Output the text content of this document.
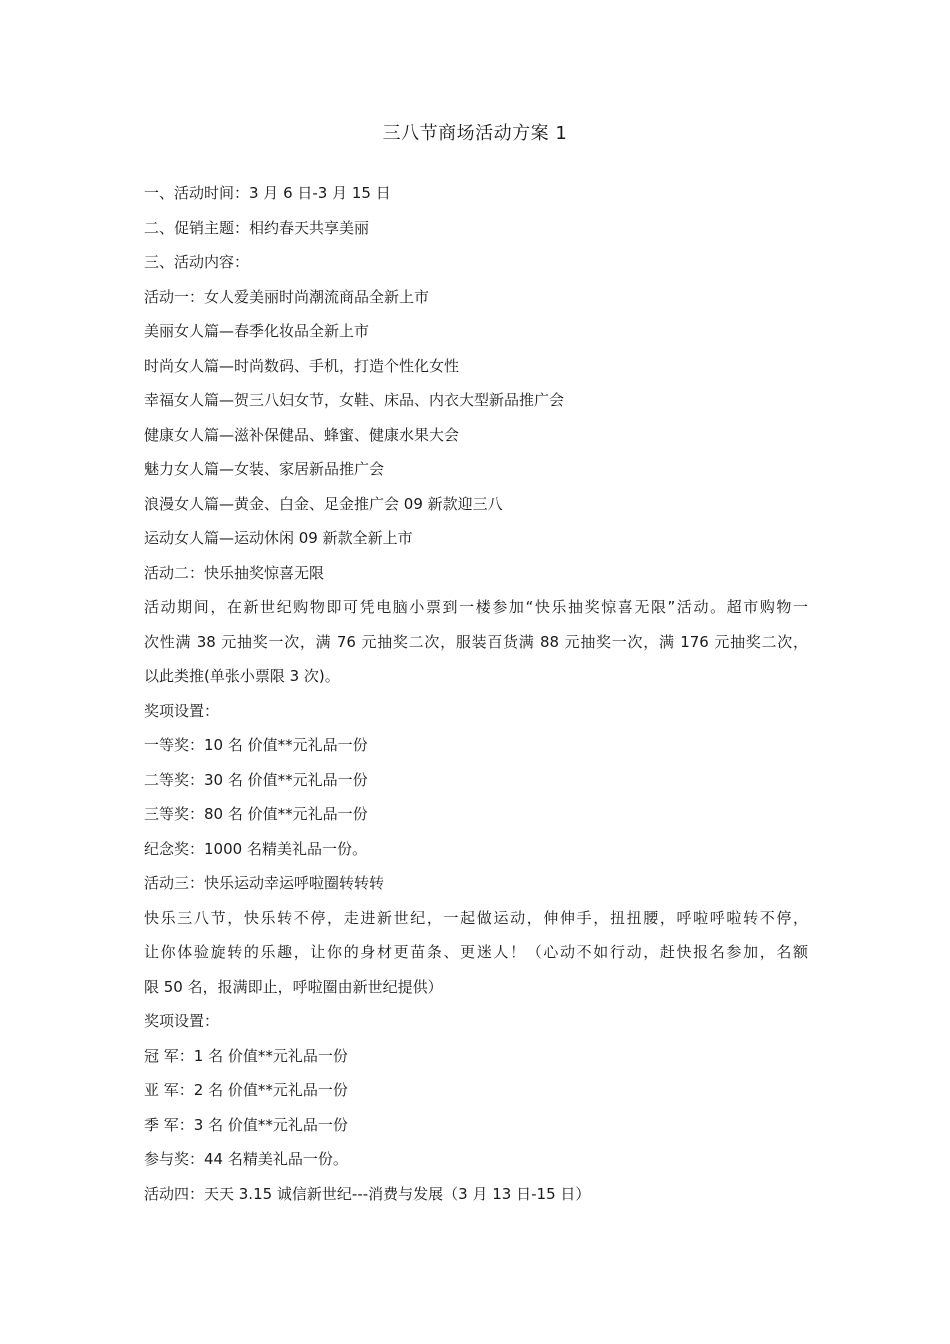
三八节商场活动方案 1
一、活动时间：3 月 6 日-3 月 15 日
二、促销主题：相约春天共享美丽
三、活动内容：
活动一：女人爱美丽时尚潮流商品全新上市
美丽女人篇—春季化妆品全新上市
时尚女人篇—时尚数码、手机，打造个性化女性
幸福女人篇—贺三八妇女节，女鞋、床品、内衣大型新品推广会
健康女人篇—滋补保健品、蜂蜜、健康水果大会
魅力女人篇—女装、家居新品推广会
浪漫女人篇—黄金、白金、足金推广会 09 新款迎三八
运动女人篇—运动休闲 09 新款全新上市
活动二：快乐抽奖惊喜无限
活动期间，在新世纪购物即可凭电脑小票到一楼参加“快乐抽奖惊喜无限”活动。超市购物一
次性满 38 元抽奖一次，满 76 元抽奖二次，服装百货满 88 元抽奖一次，满 176 元抽奖二次，
以此类推(单张小票限 3 次)。
奖项设置：
一等奖：10 名 价值**元礼品一份
二等奖：30 名 价值**元礼品一份
三等奖：80 名 价值**元礼品一份
纪念奖：1000 名精美礼品一份。
活动三：快乐运动幸运呼啦圈转转转
快乐三八节，快乐转不停，走进新世纪，一起做运动，伸伸手，扭扭腰，呼啦呼啦转不停，
让你体验旋转的乐趣，让你的身材更苗条、更迷人！（心动不如行动，赶快报名参加，名额
限 50 名，报满即止，呼啦圈由新世纪提供）
奖项设置：
冠 军：1 名 价值**元礼品一份
亚 军：2 名 价值**元礼品一份
季 军：3 名 价值**元礼品一份
参与奖：44 名精美礼品一份。
活动四：天天 3.15 诚信新世纪---消费与发展（3 月 13 日-15 日）
